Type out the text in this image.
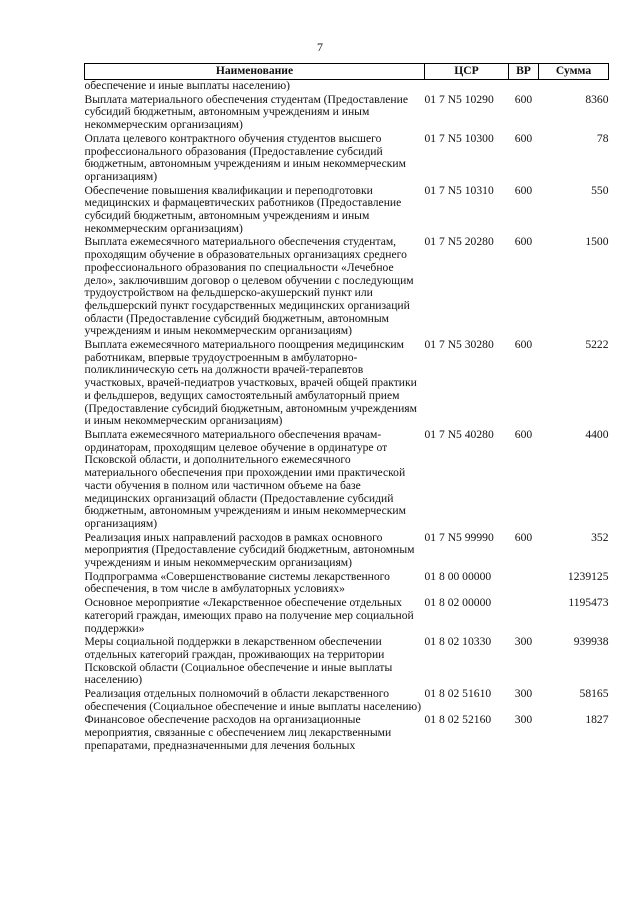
7
Наименование	ЦСР	ВР	Сумма
обеспечение и иные выплаты населению)			
Выплата материального обеспечения студентам (Предоставление субсидий бюджетным, автономным учреждениям и иным некоммерческим организациям)	01 7 N5 10290	600	8360
Оплата целевого контрактного обучения студентов высшего профессионального образования (Предоставление субсидий бюджетным, автономным учреждениям и иным некоммерческим организациям)	01 7 N5 10300	600	78
Обеспечение повышения квалификации и переподготовки медицинских и фармацевтических работников (Предоставление субсидий бюджетным, автономным учреждениям и иным некоммерческим организациям)	01 7 N5 10310	600	550
Выплата ежемесячного материального обеспечения студентам, проходящим обучение в образовательных организациях среднего профессионального образования по специальности «Лечебное дело», заключившим договор о целевом обучении с последующим трудоустройством на фельдшерско-акушерский пункт или фельдшерский пункт государственных медицинских организаций области (Предоставление субсидий бюджетным, автономным учреждениям и иным некоммерческим организациям)	01 7 N5 20280	600	1500
Выплата ежемесячного материального поощрения медицинским работникам, впервые трудоустроенным в амбулаторно-поликлиническую сеть на должности врачей-терапевтов участковых, врачей-педиатров участковых, врачей общей практики и фельдшеров, ведущих самостоятельный амбулаторный прием (Предоставление субсидий бюджетным, автономным учреждениям и иным некоммерческим организациям)	01 7 N5 30280	600	5222
Выплата ежемесячного материального обеспечения врачам-ординаторам, проходящим целевое обучение в ординатуре от Псковской области, и дополнительного ежемесячного материального обеспечения при прохождении ими практической части обучения в полном или частичном объеме на базе медицинских организаций области (Предоставление субсидий бюджетным, автономным учреждениям и иным некоммерческим организациям)	01 7 N5 40280	600	4400
Реализация иных направлений расходов в рамках основного мероприятия (Предоставление субсидий бюджетным, автономным учреждениям и иным некоммерческим организациям)	01 7 N5 99990	600	352
Подпрограмма «Совершенствование системы лекарственного обеспечения, в том числе в амбулаторных условиях»	01 8 00 00000		1239125
Основное мероприятие «Лекарственное обеспечение отдельных категорий граждан, имеющих право на получение мер социальной поддержки»	01 8 02 00000		1195473
Меры социальной поддержки в лекарственном обеспечении отдельных категорий граждан, проживающих на территории Псковской области (Социальное обеспечение и иные выплаты населению)	01 8 02 10330	300	939938
Реализация отдельных полномочий в области лекарственного обеспечения (Социальное обеспечение и иные выплаты населению)	01 8 02 51610	300	58165
Финансовое обеспечение расходов на организационные мероприятия, связанные с обеспечением лиц лекарственными препаратами, предназначенными для лечения больных	01 8 02 52160	300	1827
